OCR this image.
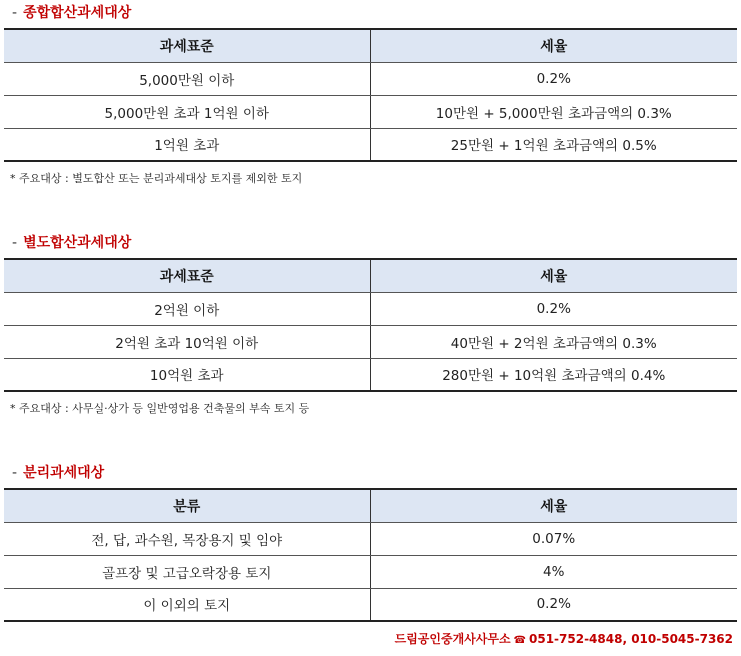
- 종합합산과세대상
과세표준	세율
5,000만원 이하	0.2%
5,000만원 초과 1억원 이하	10만원 + 5,000만원 초과금액의 0.3%
1억원 초과	25만원 + 1억원 초과금액의 0.5%
* 주요대상 : 별도합산 또는 분리과세대상 토지를 제외한 토지
- 별도합산과세대상
과세표준	세율
2억원 이하	0.2%
2억원 초과 10억원 이하	40만원 + 2억원 초과금액의 0.3%
10억원 초과	280만원 + 10억원 초과금액의 0.4%
* 주요대상 : 사무실·상가 등 일반영업용 건축물의 부속 토지 등
- 분리과세대상
분류	세율
전, 답, 과수원, 목장용지 및 임야	0.07%
골프장 및 고급오락장용 토지	4%
이 이외의 토지	0.2%
드림공인중개사사무소 ☎ 051-752-4848, 010-5045-7362
